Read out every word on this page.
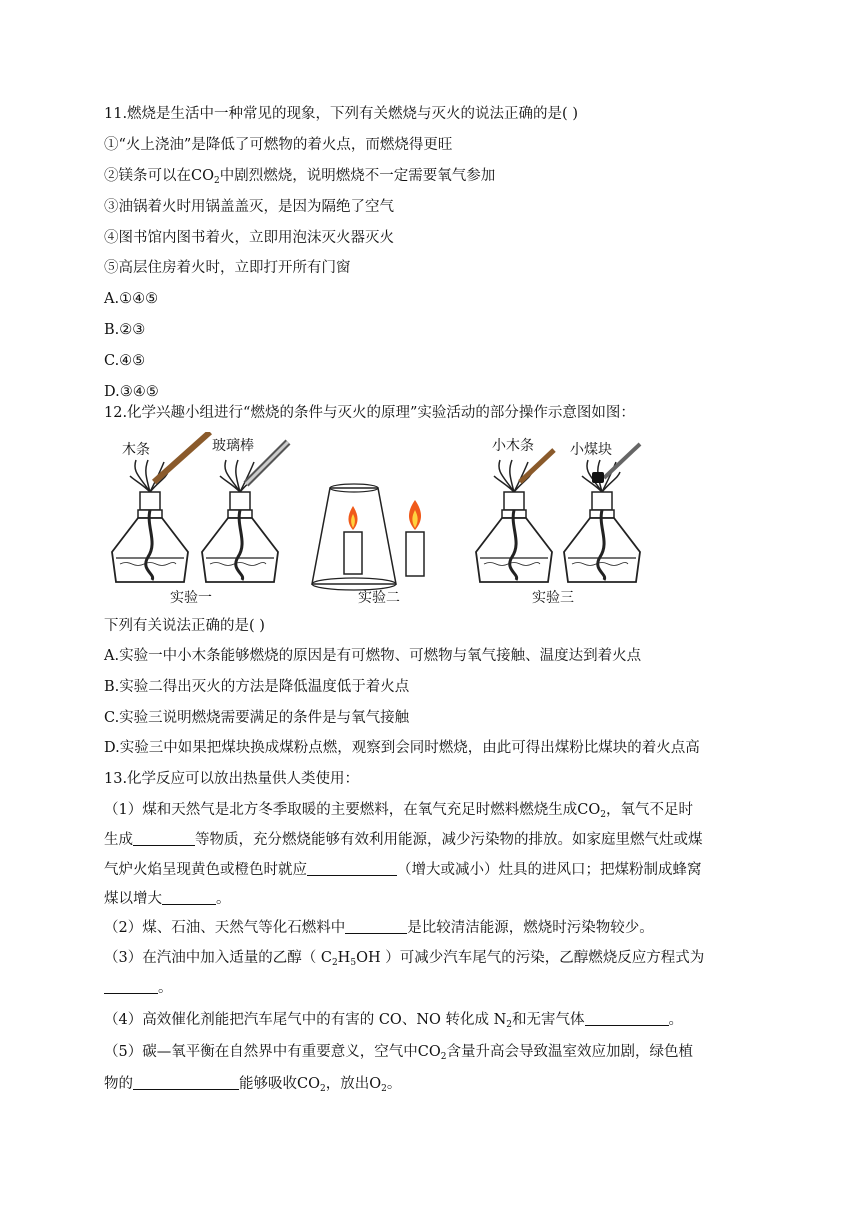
11.燃烧是生活中一种常见的现象，下列有关燃烧与灭火的说法正确的是( )
①“火上浇油”是降低了可燃物的着火点，而燃烧得更旺
②镁条可以在$CO_2$中剧烈燃烧，说明燃烧不一定需要氧气参加
③油锅着火时用锅盖盖灭，是因为隔绝了空气
④图书馆内图书着火，立即用泡沫灭火器灭火
⑤高层住房着火时，立即打开所有门窗
A.①④⑤
B.②③
C.④⑤
D.③④⑤
12.化学兴趣小组进行“燃烧的条件与灭火的原理”实验活动的部分操作示意图如图：
木条	玻璃棒
实验一	实验二
小木条	小煤块
实验三
下列有关说法正确的是( )
A.实验一中小木条能够燃烧的原因是有可燃物、可燃物与氧气接触、温度达到着火点
B.实验二得出灭火的方法是降低温度低于着火点
C.实验三说明燃烧需要满足的条件是与氧气接触
D.实验三中如果把煤块换成煤粉点燃，观察到会同时燃烧，由此可得出煤粉比煤块的着火点高
13.化学反应可以放出热量供人类使用：
（1）煤和天然气是北方冬季取暖的主要燃料，在氧气充足时燃料燃烧生成$CO_2$，氧气不足时
生成	等物质，充分燃烧能够有效利用能源，减少污染物的排放。如家庭里燃气灶或煤
气炉火焰呈现黄色或橙色时就应	（增大或减小）灶具的进风口；把煤粉制成蜂窝
煤以增大	。
（2）煤、石油、天然气等化石燃料中	是比较清洁能源，燃烧时污染物较少。
（3）在汽油中加入适量的乙醇（ $C_2H_5OH$ ）可减少汽车尾气的污染，乙醇燃烧反应方程式为
。
（4）高效催化剂能把汽车尾气中的有害的 CO、NO 转化成 $N_2$和无害气体	。
（5）碳—氧平衡在自然界中有重要意义，空气中$CO_2$含量升高会导致温室效应加剧，绿色植
物的	能够吸收$CO_2$，放出$O_2$。
